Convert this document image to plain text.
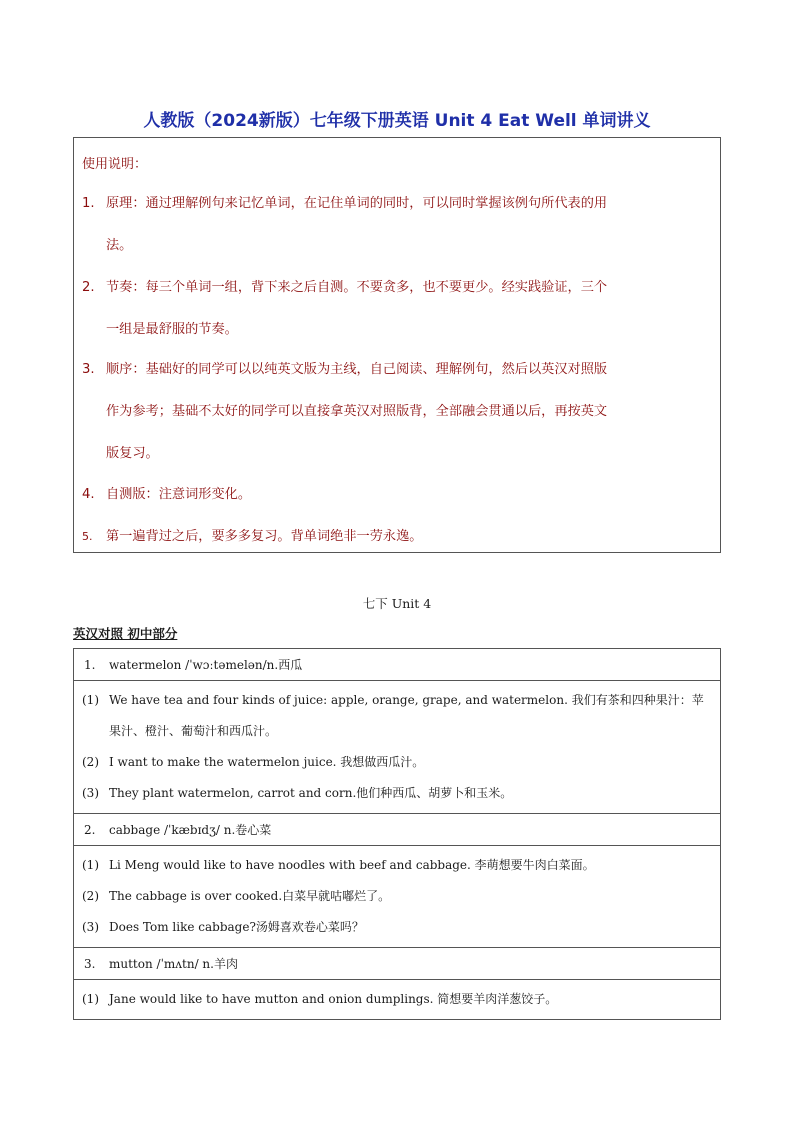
人教版（2024新版）七年级下册英语 Unit 4 Eat Well 单词讲义
使用说明：
1. 原理：通过理解例句来记忆单词，在记住单词的同时，可以同时掌握该例句所代表的用
法。
2. 节奏：每三个单词一组，背下来之后自测。不要贪多，也不要更少。经实践验证，三个
一组是最舒服的节奏。
3. 顺序：基础好的同学可以以纯英文版为主线，自己阅读、理解例句，然后以英汉对照版
作为参考；基础不太好的同学可以直接拿英汉对照版背，全部融会贯通以后，再按英文
版复习。
4. 自测版：注意词形变化。
5. 第一遍背过之后，要多多复习。背单词绝非一劳永逸。
七下 Unit 4
英汉对照 初中部分
1.	watermelon /ˈwɔːtəmelən/n.西瓜
(1) We have tea and four kinds of juice: apple, orange, grape, and watermelon. 我们有茶和四种果汁：苹果汁、橙汁、葡萄汁和西瓜汁。
(2) I want to make the watermelon juice. 我想做西瓜汁。
(3) They plant watermelon, carrot and corn.他们种西瓜、胡萝卜和玉米。
2.	cabbage /ˈkæbɪdʒ/ n.卷心菜
(1) Li Meng would like to have noodles with beef and cabbage. 李萌想要牛肉白菜面。
(2) The cabbage is over cooked.白菜早就咕嘟烂了。
(3) Does Tom like cabbage?汤姆喜欢卷心菜吗？
3.	mutton /ˈmʌtn/ n.羊肉
(1) Jane would like to have mutton and onion dumplings. 简想要羊肉洋葱饺子。
